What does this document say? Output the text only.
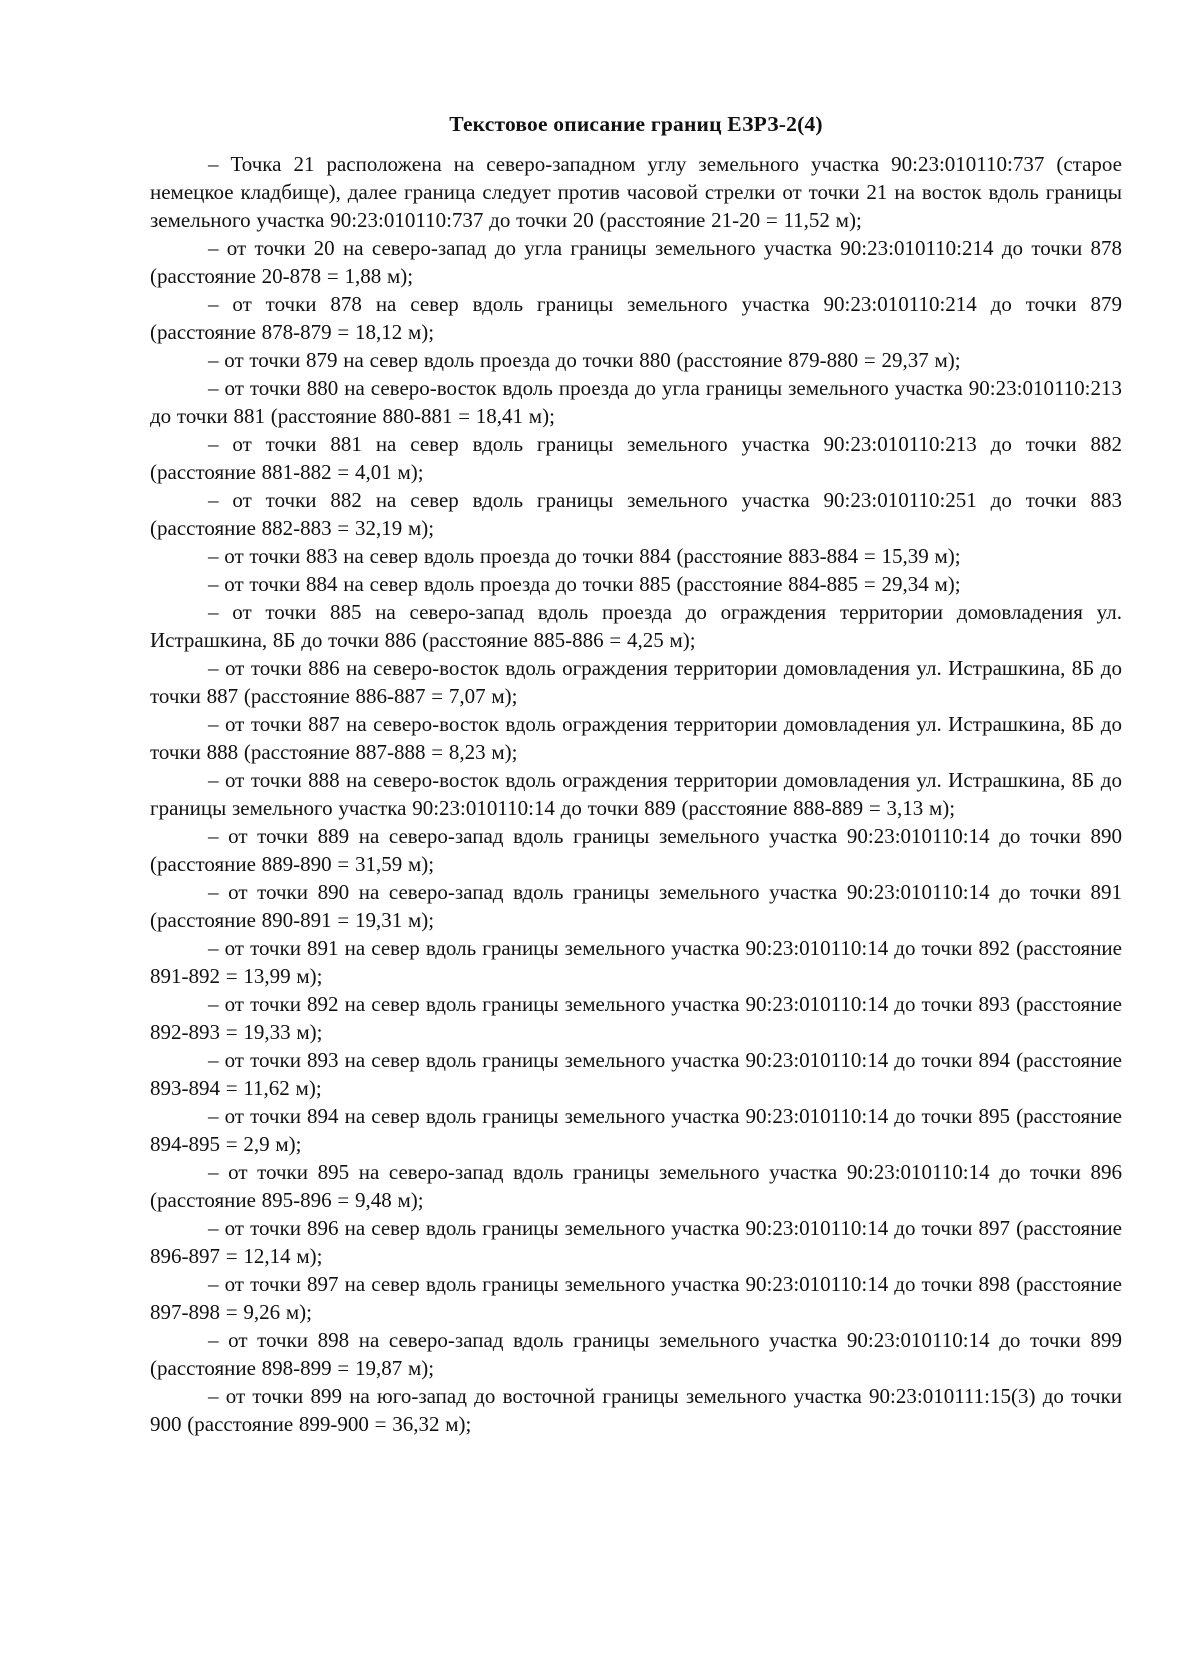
Текстовое описание границ ЕЗРЗ-2(4)

– Точка 21 расположена на северо-западном углу земельного участка 90:23:010110:737 (старое немецкое кладбище), далее граница следует против часовой стрелки от точки 21 на восток вдоль границы земельного участка 90:23:010110:737 до точки 20 (расстояние 21-20 = 11,52 м);

– от точки 20 на северо-запад до угла границы земельного участка 90:23:010110:214 до точки 878 (расстояние 20-878 = 1,88 м);

– от точки 878 на север вдоль границы земельного участка 90:23:010110:214 до точки 879 (расстояние 878-879 = 18,12 м);

– от точки 879 на север вдоль проезда до точки 880 (расстояние 879-880 = 29,37 м);

– от точки 880 на северо-восток вдоль проезда до угла границы земельного участка 90:23:010110:213 до точки 881 (расстояние 880-881 = 18,41 м);

– от точки 881 на север вдоль границы земельного участка 90:23:010110:213 до точки 882 (расстояние 881-882 = 4,01 м);

– от точки 882 на север вдоль границы земельного участка 90:23:010110:251 до точки 883 (расстояние 882-883 = 32,19 м);

– от точки 883 на север вдоль проезда до точки 884 (расстояние 883-884 = 15,39 м);

– от точки 884 на север вдоль проезда до точки 885 (расстояние 884-885 = 29,34 м);

– от точки 885 на северо-запад вдоль проезда до ограждения территории домовладения ул. Истрашкина, 8Б до точки 886 (расстояние 885-886 = 4,25 м);

– от точки 886 на северо-восток вдоль ограждения территории домовладения ул. Истрашкина, 8Б до точки 887 (расстояние 886-887 = 7,07 м);

– от точки 887 на северо-восток вдоль ограждения территории домовладения ул. Истрашкина, 8Б до точки 888 (расстояние 887-888 = 8,23 м);

– от точки 888 на северо-восток вдоль ограждения территории домовладения ул. Истрашкина, 8Б до границы земельного участка 90:23:010110:14 до точки 889 (расстояние 888-889 = 3,13 м);

– от точки 889 на северо-запад вдоль границы земельного участка 90:23:010110:14 до точки 890 (расстояние 889-890 = 31,59 м);

– от точки 890 на северо-запад вдоль границы земельного участка 90:23:010110:14 до точки 891 (расстояние 890-891 = 19,31 м);

– от точки 891 на север вдоль границы земельного участка 90:23:010110:14 до точки 892 (расстояние 891-892 = 13,99 м);

– от точки 892 на север вдоль границы земельного участка 90:23:010110:14 до точки 893 (расстояние 892-893 = 19,33 м);

– от точки 893 на север вдоль границы земельного участка 90:23:010110:14 до точки 894 (расстояние 893-894 = 11,62 м);

– от точки 894 на север вдоль границы земельного участка 90:23:010110:14 до точки 895 (расстояние 894-895 = 2,9 м);

– от точки 895 на северо-запад вдоль границы земельного участка 90:23:010110:14 до точки 896 (расстояние 895-896 = 9,48 м);

– от точки 896 на север вдоль границы земельного участка 90:23:010110:14 до точки 897 (расстояние 896-897 = 12,14 м);

– от точки 897 на север вдоль границы земельного участка 90:23:010110:14 до точки 898 (расстояние 897-898 = 9,26 м);

– от точки 898 на северо-запад вдоль границы земельного участка 90:23:010110:14 до точки 899 (расстояние 898-899 = 19,87 м);

– от точки 899 на юго-запад до восточной границы земельного участка 90:23:010111:15(3) до точки 900 (расстояние 899-900 = 36,32 м);
